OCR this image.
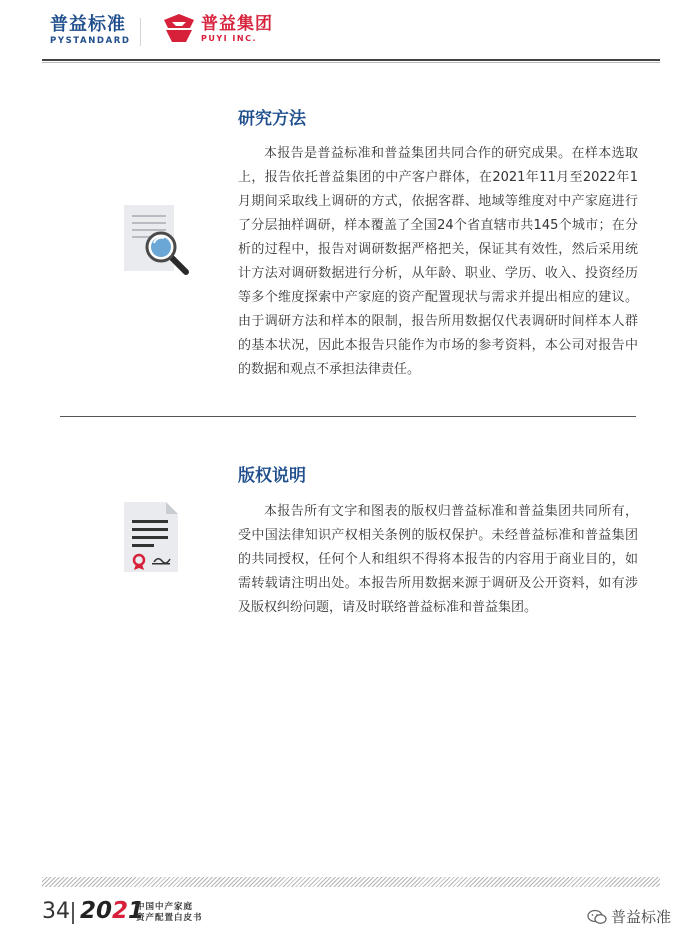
普益标准
PYSTANDARD
普益集团
PUYI INC.
研究方法

本报告是普益标准和普益集团共同合作的研究成果。在样本选取上，报告依托普益集团的中产客户群体，在2021年11月至2022年1月期间采取线上调研的方式，依据客群、地域等维度对中产家庭进行了分层抽样调研，样本覆盖了全国24个省直辖市共145个城市；在分析的过程中，报告对调研数据严格把关，保证其有效性，然后采用统计方法对调研数据进行分析，从年龄、职业、学历、收入、投资经历等多个维度探索中产家庭的资产配置现状与需求并提出相应的建议。由于调研方法和样本的限制，报告所用数据仅代表调研时间样本人群的基本状况，因此本报告只能作为市场的参考资料，本公司对报告中的数据和观点不承担法律责任。

版权说明

本报告所有文字和图表的版权归普益标准和普益集团共同所有，受中国法律知识产权相关条例的版权保护。未经普益标准和普益集团的共同授权，任何个人和组织不得将本报告的内容用于商业目的，如需转载请注明出处。本报告所用数据来源于调研及公开资料，如有涉及版权纠纷问题，请及时联络普益标准和普益集团。

34 2021
中国中产家庭
资产配置白皮书	普益标准
